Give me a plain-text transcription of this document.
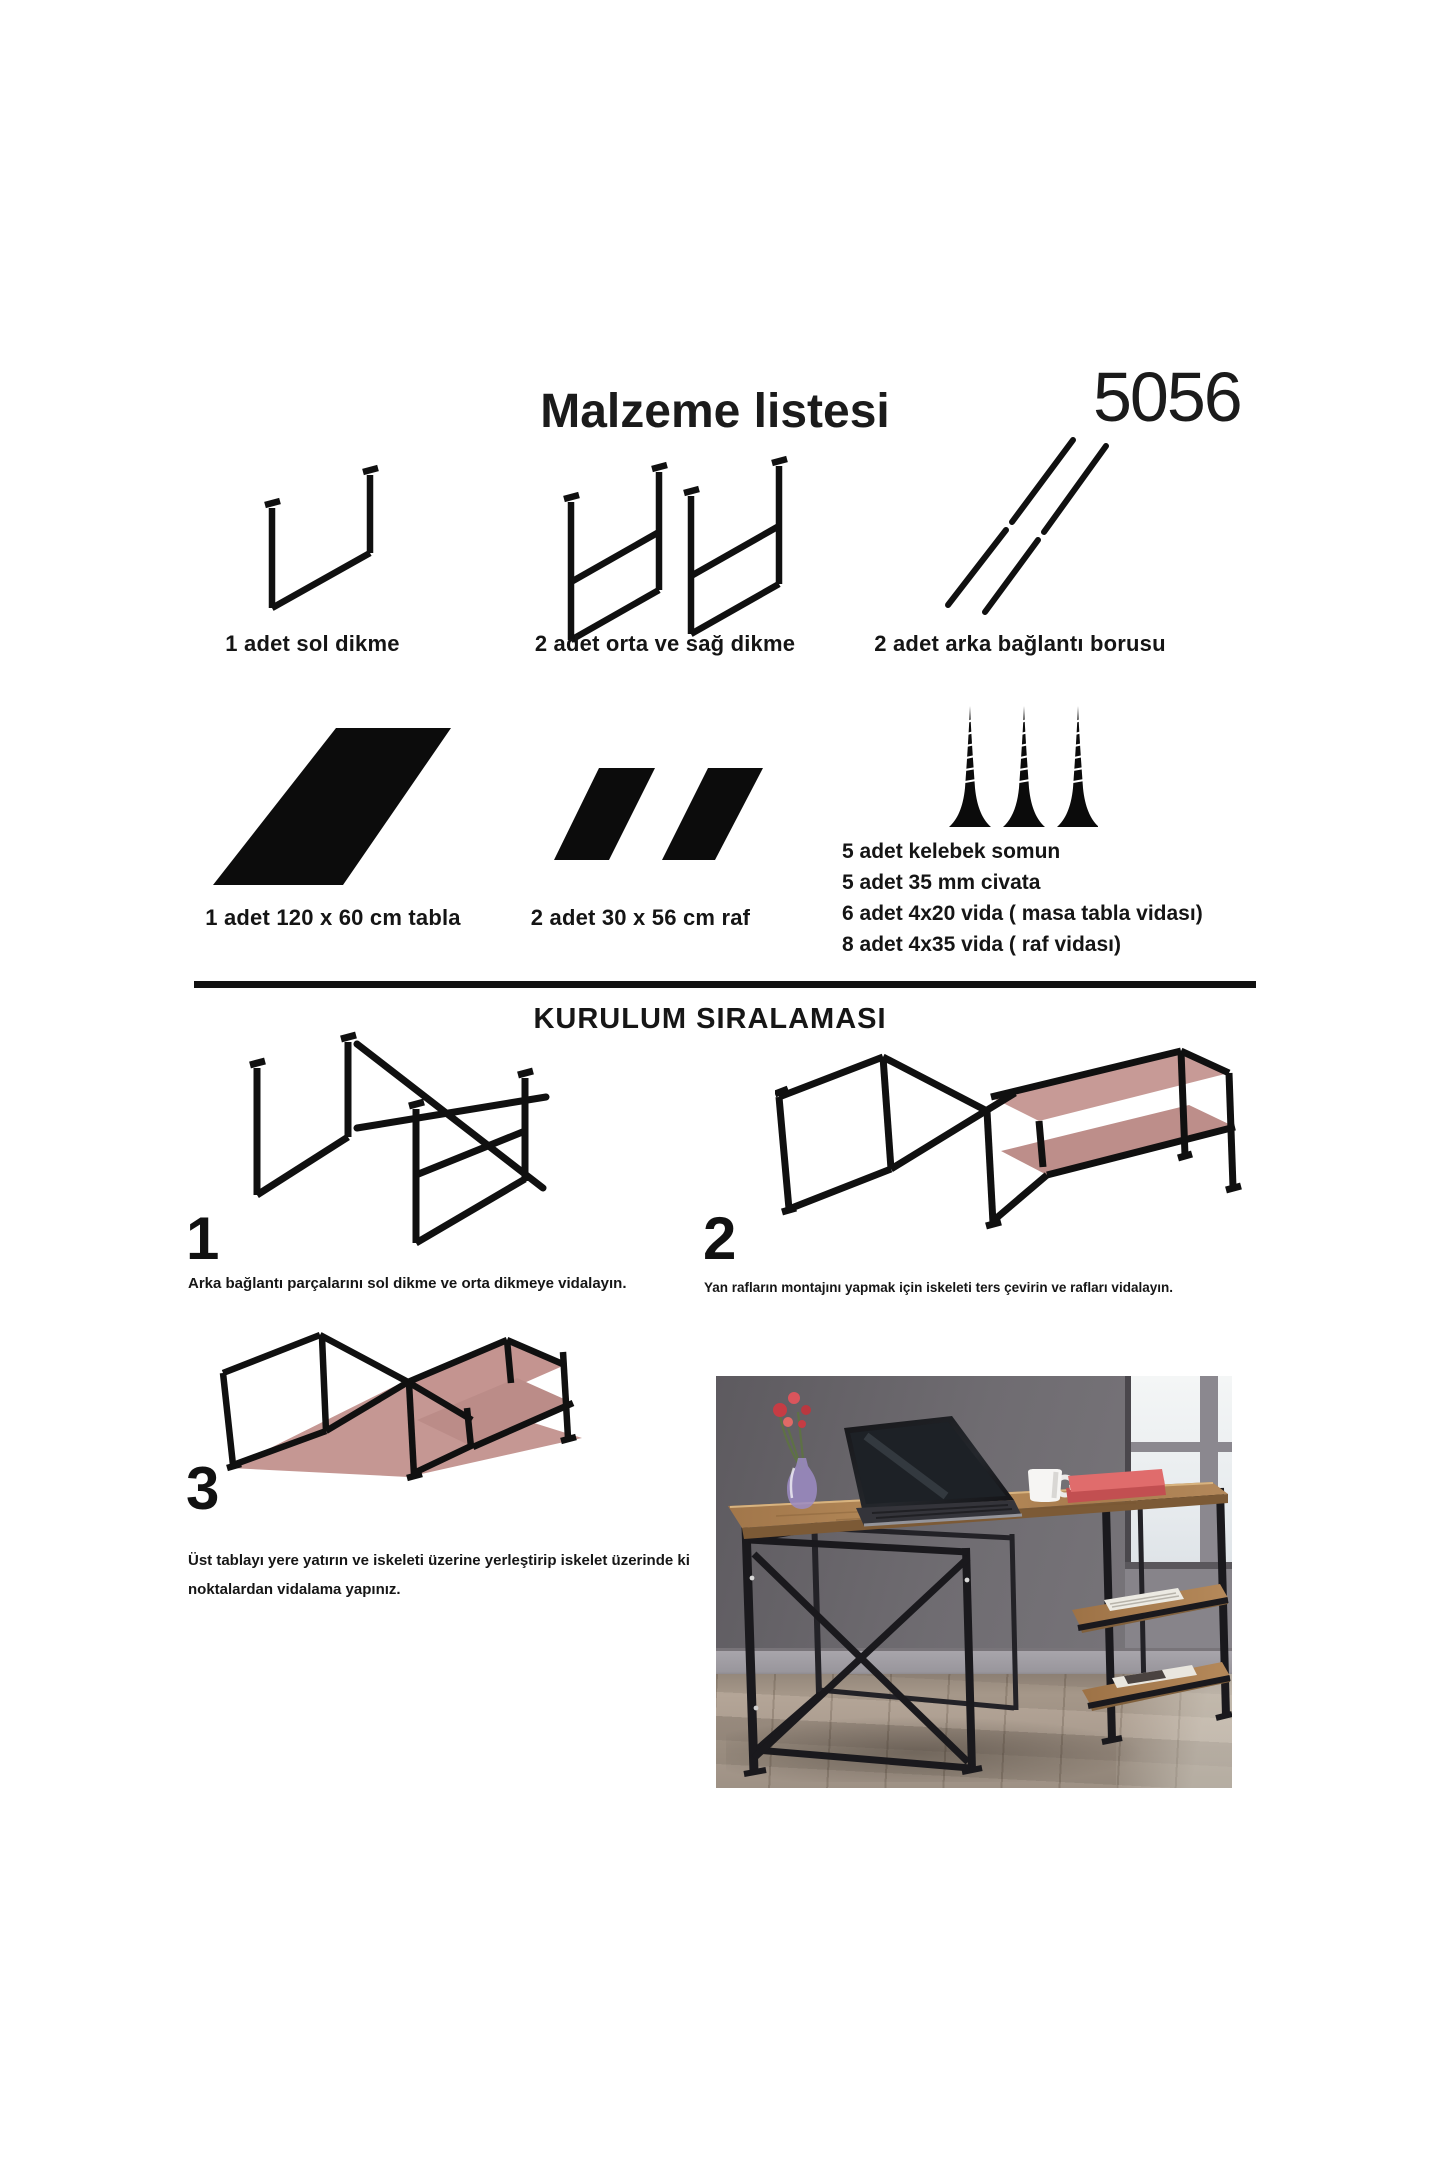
Malzeme listesi	5056
1 adet sol dikme	2 adet orta ve sağ dikme	2 adet arka bağlantı borusu
1 adet 120 x 60 cm tabla	2 adet 30 x 56 cm raf
5 adet kelebek somun
5 adet 35 mm civata
6 adet 4x20 vida ( masa tabla vidası)
8 adet 4x35 vida ( raf vidası)
KURULUM SIRALAMASI
1
Arka bağlantı parçalarını sol dikme ve orta dikmeye vidalayın.
2
Yan rafların montajını yapmak için iskeleti ters çevirin ve rafları vidalayın.
3
Üst tablayı yere yatırın ve iskeleti üzerine yerleştirip iskelet üzerinde ki noktalardan vidalama yapınız.
